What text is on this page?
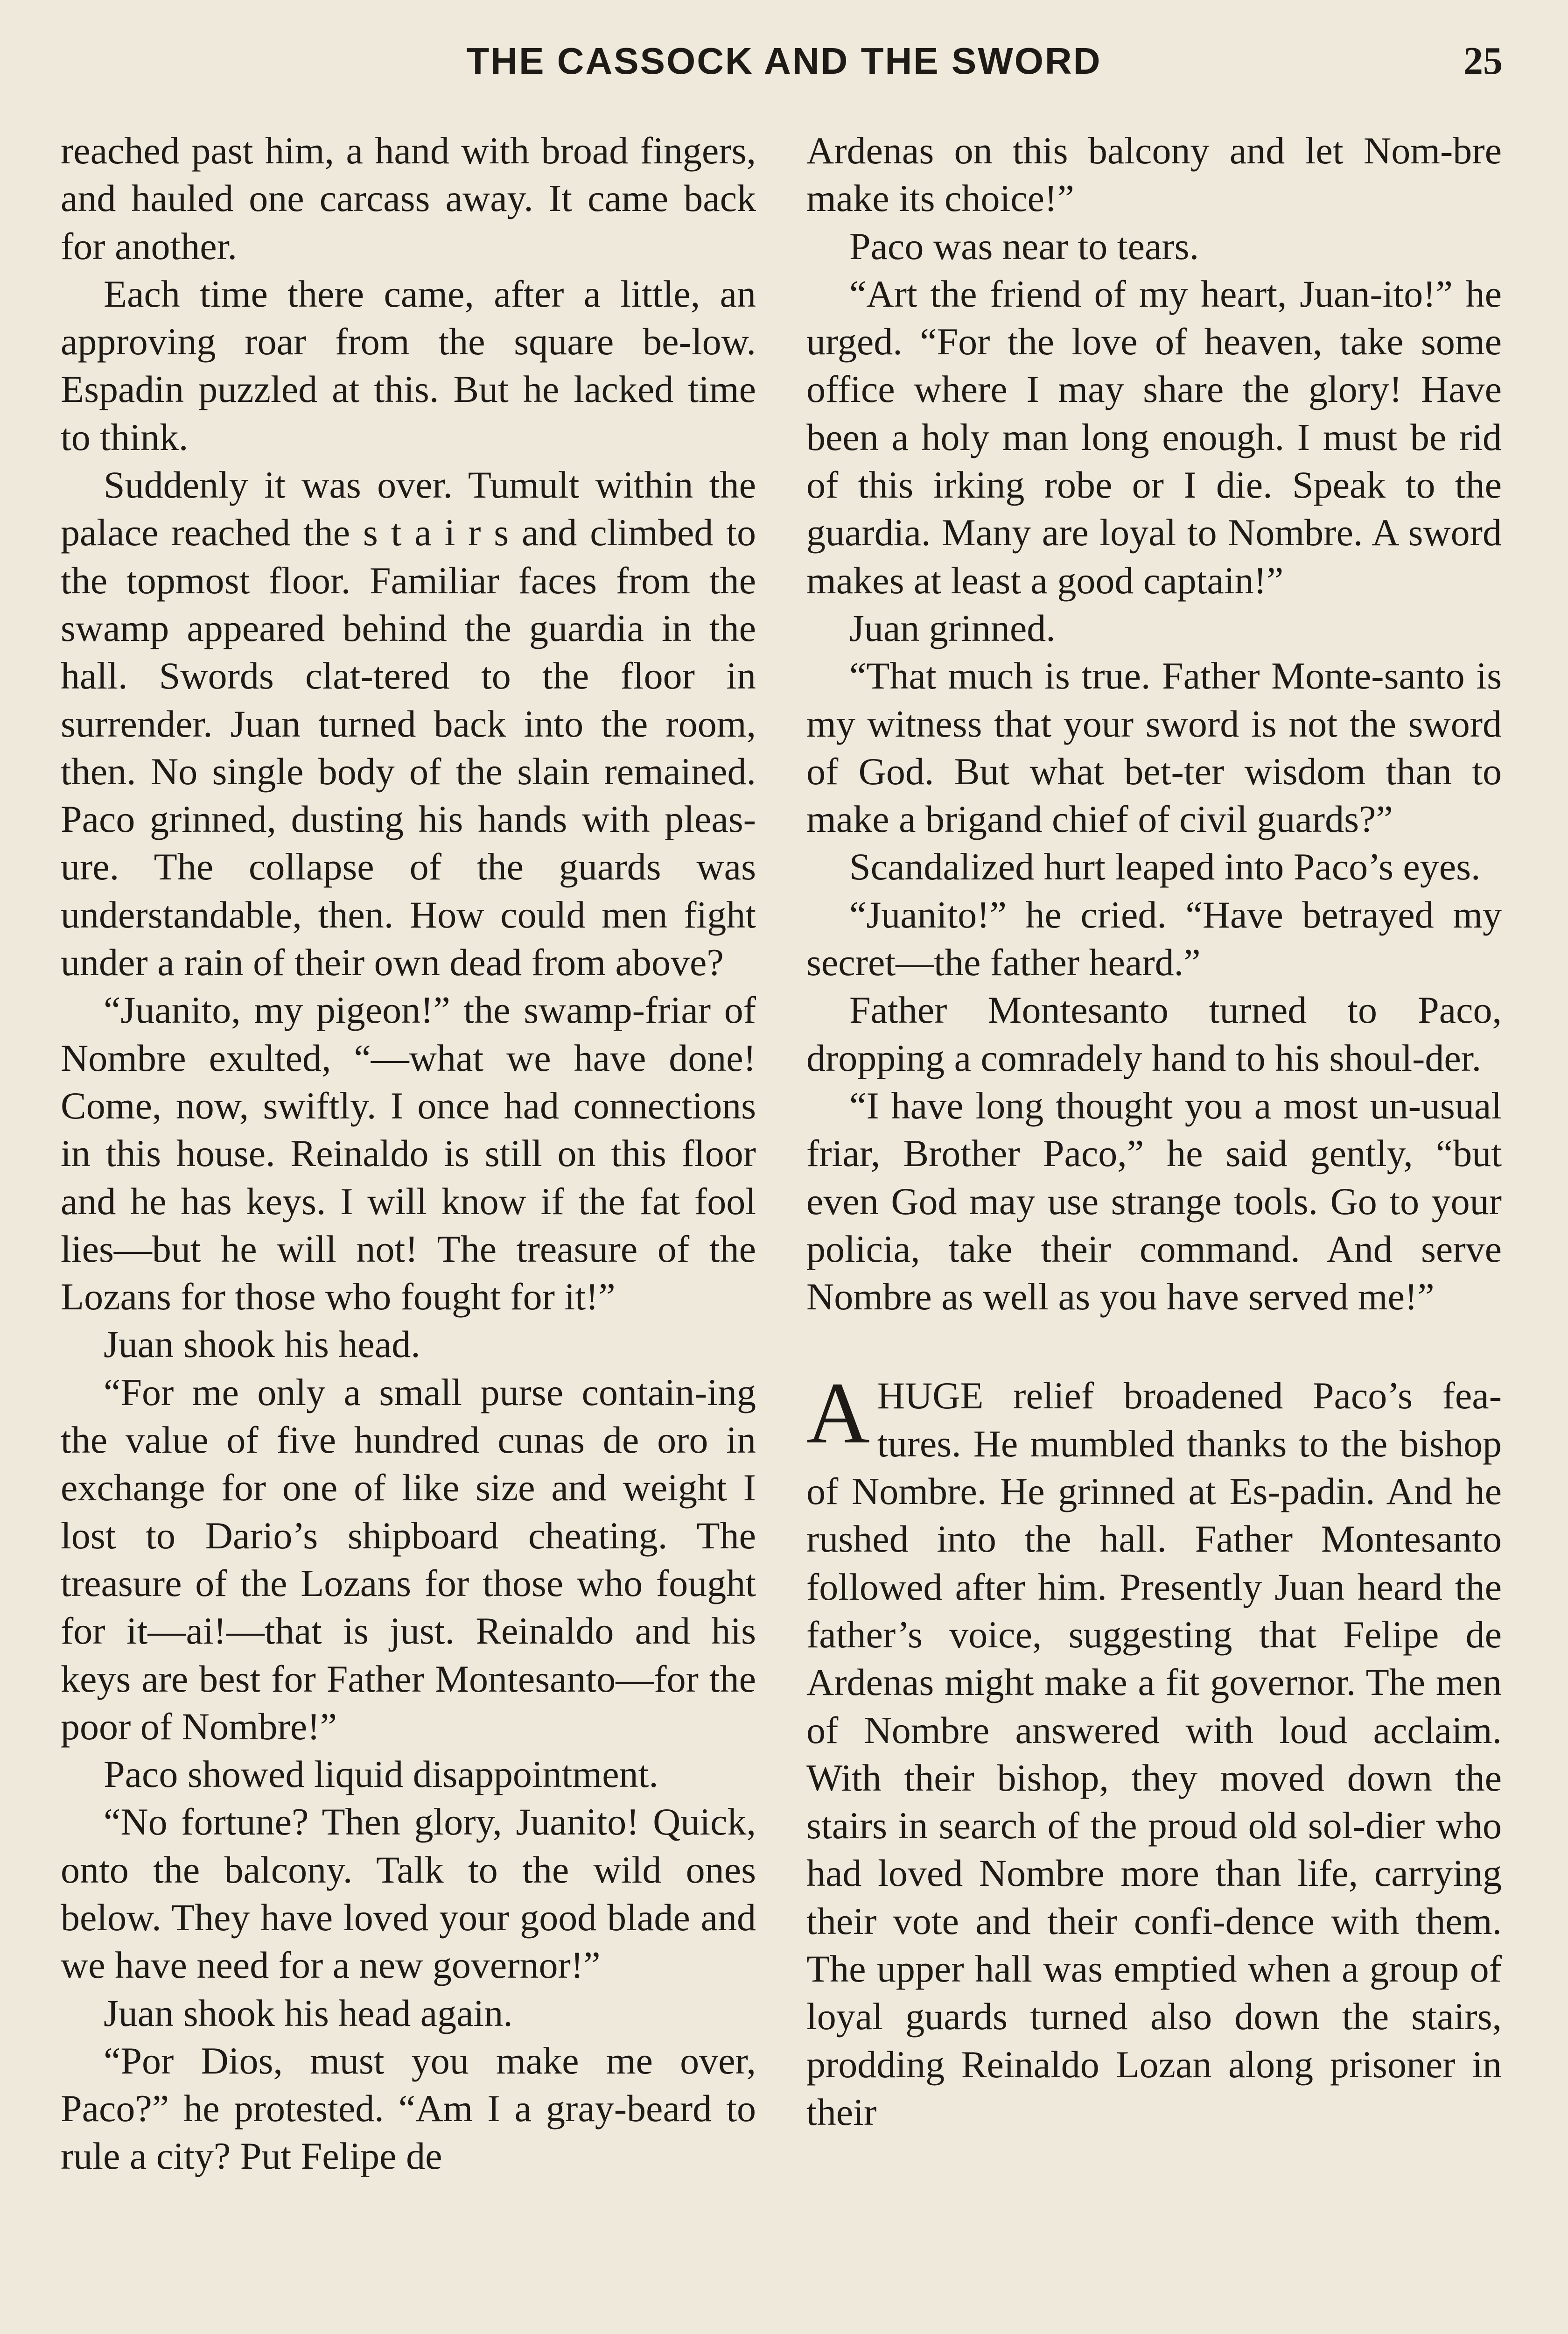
THE CASSOCK AND THE SWORD	25

reached past him, a hand with broad fingers, and hauled one carcass away. It came back for another.

Each time there came, after a little, an approving roar from the square be-low. Espadin puzzled at this. But he lacked time to think.

Suddenly it was over. Tumult within the palace reached the s t a i r s and climbed to the topmost floor. Familiar faces from the swamp appeared behind the guardia in the hall. Swords clat-tered to the floor in surrender. Juan turned back into the room, then. No single body of the slain remained. Paco grinned, dusting his hands with pleas-ure. The collapse of the guards was understandable, then. How could men fight under a rain of their own dead from above?

“Juanito, my pigeon!” the swamp-friar of Nombre exulted, “—what we have done! Come, now, swiftly. I once had connections in this house. Reinaldo is still on this floor and he has keys. I will know if the fat fool lies—but he will not! The treasure of the Lozans for those who fought for it!”

Juan shook his head.

“For me only a small purse contain-ing the value of five hundred cunas de oro in exchange for one of like size and weight I lost to Dario’s shipboard cheating. The treasure of the Lozans for those who fought for it—ai!—that is just. Reinaldo and his keys are best for Father Montesanto—for the poor of Nombre!”

Paco showed liquid disappointment.

“No fortune? Then glory, Juanito! Quick, onto the balcony. Talk to the wild ones below. They have loved your good blade and we have need for a new governor!”

Juan shook his head again.

“Por Dios, must you make me over, Paco?” he protested. “Am I a gray-beard to rule a city? Put Felipe de

Ardenas on this balcony and let Nom-bre make its choice!”

Paco was near to tears.

“Art the friend of my heart, Juan-ito!” he urged. “For the love of heaven, take some office where I may share the glory! Have been a holy man long enough. I must be rid of this irking robe or I die. Speak to the guardia. Many are loyal to Nombre. A sword makes at least a good captain!”

Juan grinned.

“That much is true. Father Monte-santo is my witness that your sword is not the sword of God. But what bet-ter wisdom than to make a brigand chief of civil guards?”

Scandalized hurt leaped into Paco’s eyes.

“Juanito!” he cried. “Have betrayed my secret—the father heard.”

Father Montesanto turned to Paco, dropping a comradely hand to his shoul-der.

“I have long thought you a most un-usual friar, Brother Paco,” he said gently, “but even God may use strange tools. Go to your policia, take their command. And serve Nombre as well as you have served me!”

AHUGE relief broadened Paco’s fea-tures. He mumbled thanks to the bishop of Nombre. He grinned at Es-padin. And he rushed into the hall. Father Montesanto followed after him. Presently Juan heard the father’s voice, suggesting that Felipe de Ardenas might make a fit governor. The men of Nombre answered with loud acclaim. With their bishop, they moved down the stairs in search of the proud old sol-dier who had loved Nombre more than life, carrying their vote and their confi-dence with them. The upper hall was emptied when a group of loyal guards turned also down the stairs, prodding Reinaldo Lozan along prisoner in their
